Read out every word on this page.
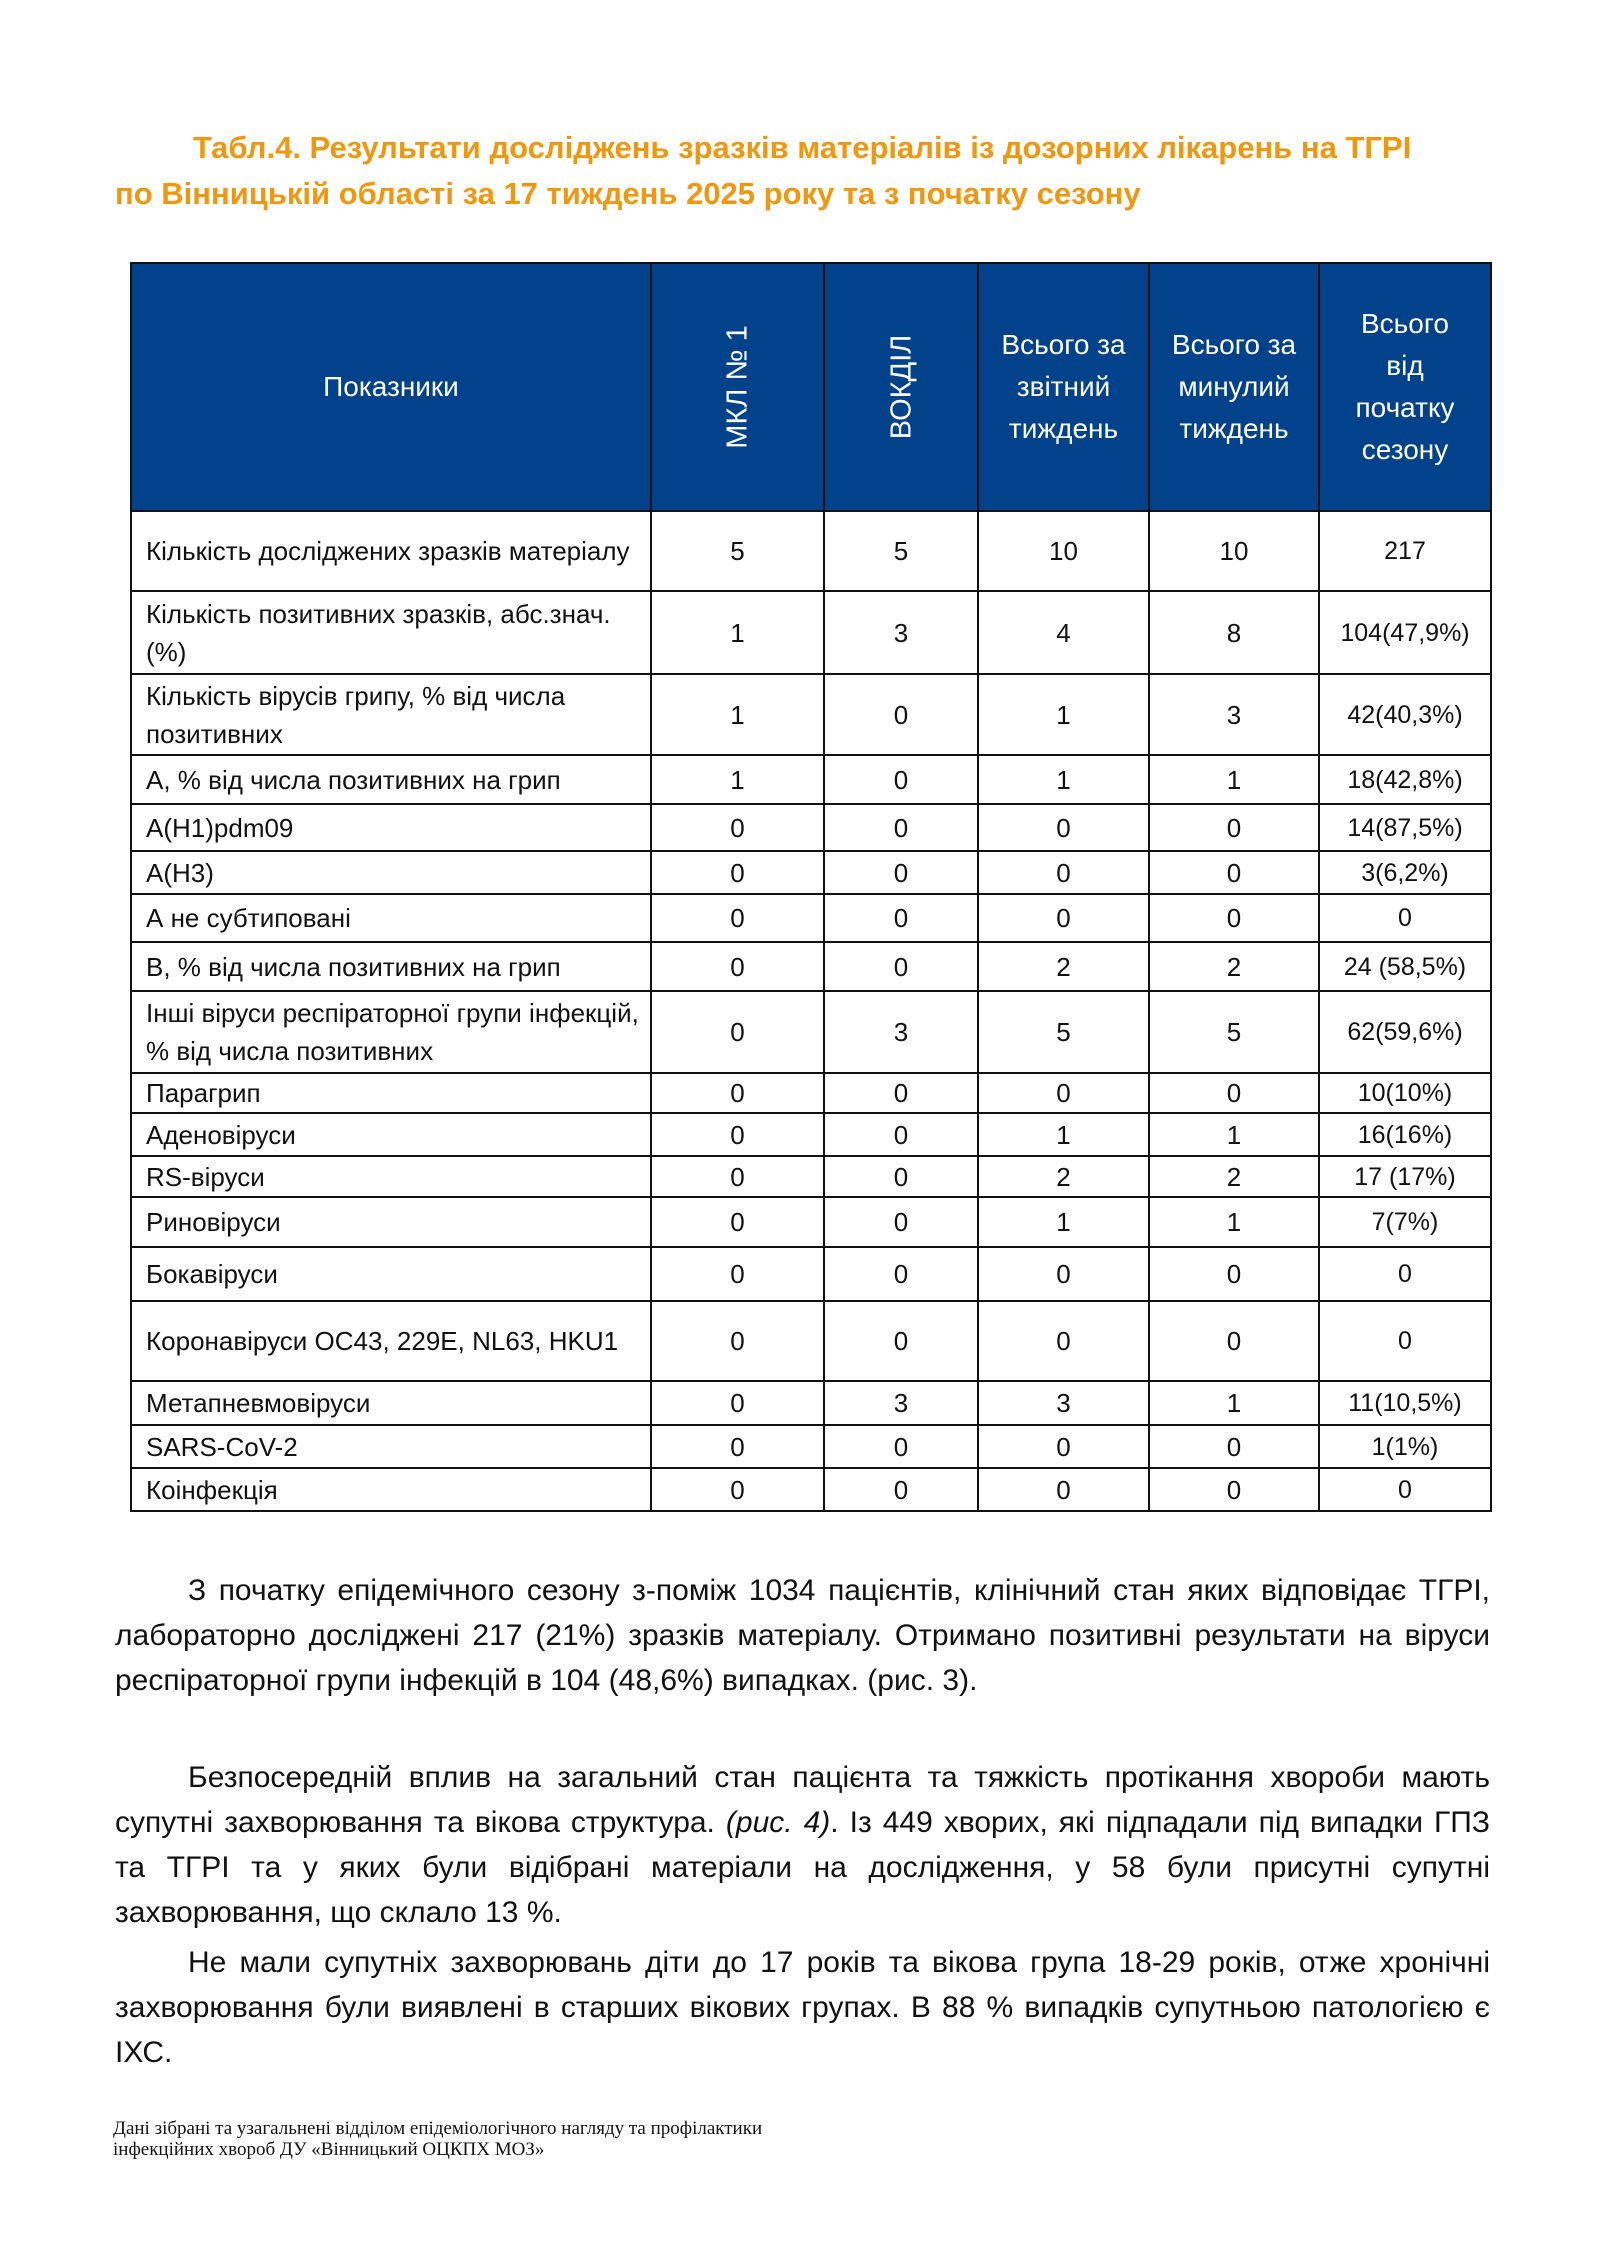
Табл.4. Результати досліджень зразків матеріалів із дозорних лікарень на ТГРІ
по Вінницькій області за 17 тиждень 2025 року та з початку сезону
Показники	МКЛ № 1	ВОКДІЛ	Всього за звітний тиждень	Всього за минулий тиждень	Всього від початку сезону
Кількість досліджених зразків матеріалу	5	5	10	10	217
Кількість позитивних зразків, абс.знач. (%)	1	3	4	8	104(47,9%)
Кількість вірусів грипу, % від числа позитивних	1	0	1	3	42(40,3%)
А, % від числа позитивних на грип	1	0	1	1	18(42,8%)
A(H1)pdm09	0	0	0	0	14(87,5%)
A(H3)	0	0	0	0	3(6,2%)
А не субтиповані	0	0	0	0	0
В, % від числа позитивних на грип	0	0	2	2	24 (58,5%)
Інші віруси респіраторної групи інфекцій, % від числа позитивних	0	3	5	5	62(59,6%)
Парагрип	0	0	0	0	10(10%)
Аденовіруси	0	0	1	1	16(16%)
RS-віруси	0	0	2	2	17 (17%)
Риновіруси	0	0	1	1	7(7%)
Бокавіруси	0	0	0	0	0
Коронавіруси OC43, 229E, NL63, HKU1	0	0	0	0	0
Метапневмовіруси	0	3	3	1	11(10,5%)
SARS-CoV-2	0	0	0	0	1(1%)
Коінфекція	0	0	0	0	0

З початку епідемічного сезону з-поміж 1034 пацієнтів, клінічний стан яких відповідає ТГРІ, лабораторно досліджені 217 (21%) зразків матеріалу. Отримано позитивні результати на віруси респіраторної групи інфекцій в 104 (48,6%) випадках. (рис. 3).

Безпосередній вплив на загальний стан пацієнта та тяжкість протікання хвороби мають супутні захворювання та вікова структура. (рис. 4). Із 449 хворих, які підпадали під випадки ГПЗ та ТГРІ та у яких були відібрані матеріали на дослідження, у 58 були присутні супутні захворювання, що склало 13 %.

Не мали супутніх захворювань діти до 17 років та вікова група 18-29 років, отже хронічні захворювання були виявлені в старших вікових групах. В 88 % випадків супутньою патологією є ІХС.

Дані зібрані та узагальнені відділом епідеміологічного нагляду та профілактики
інфекційних хвороб ДУ «Вінницький ОЦКПХ МОЗ»
